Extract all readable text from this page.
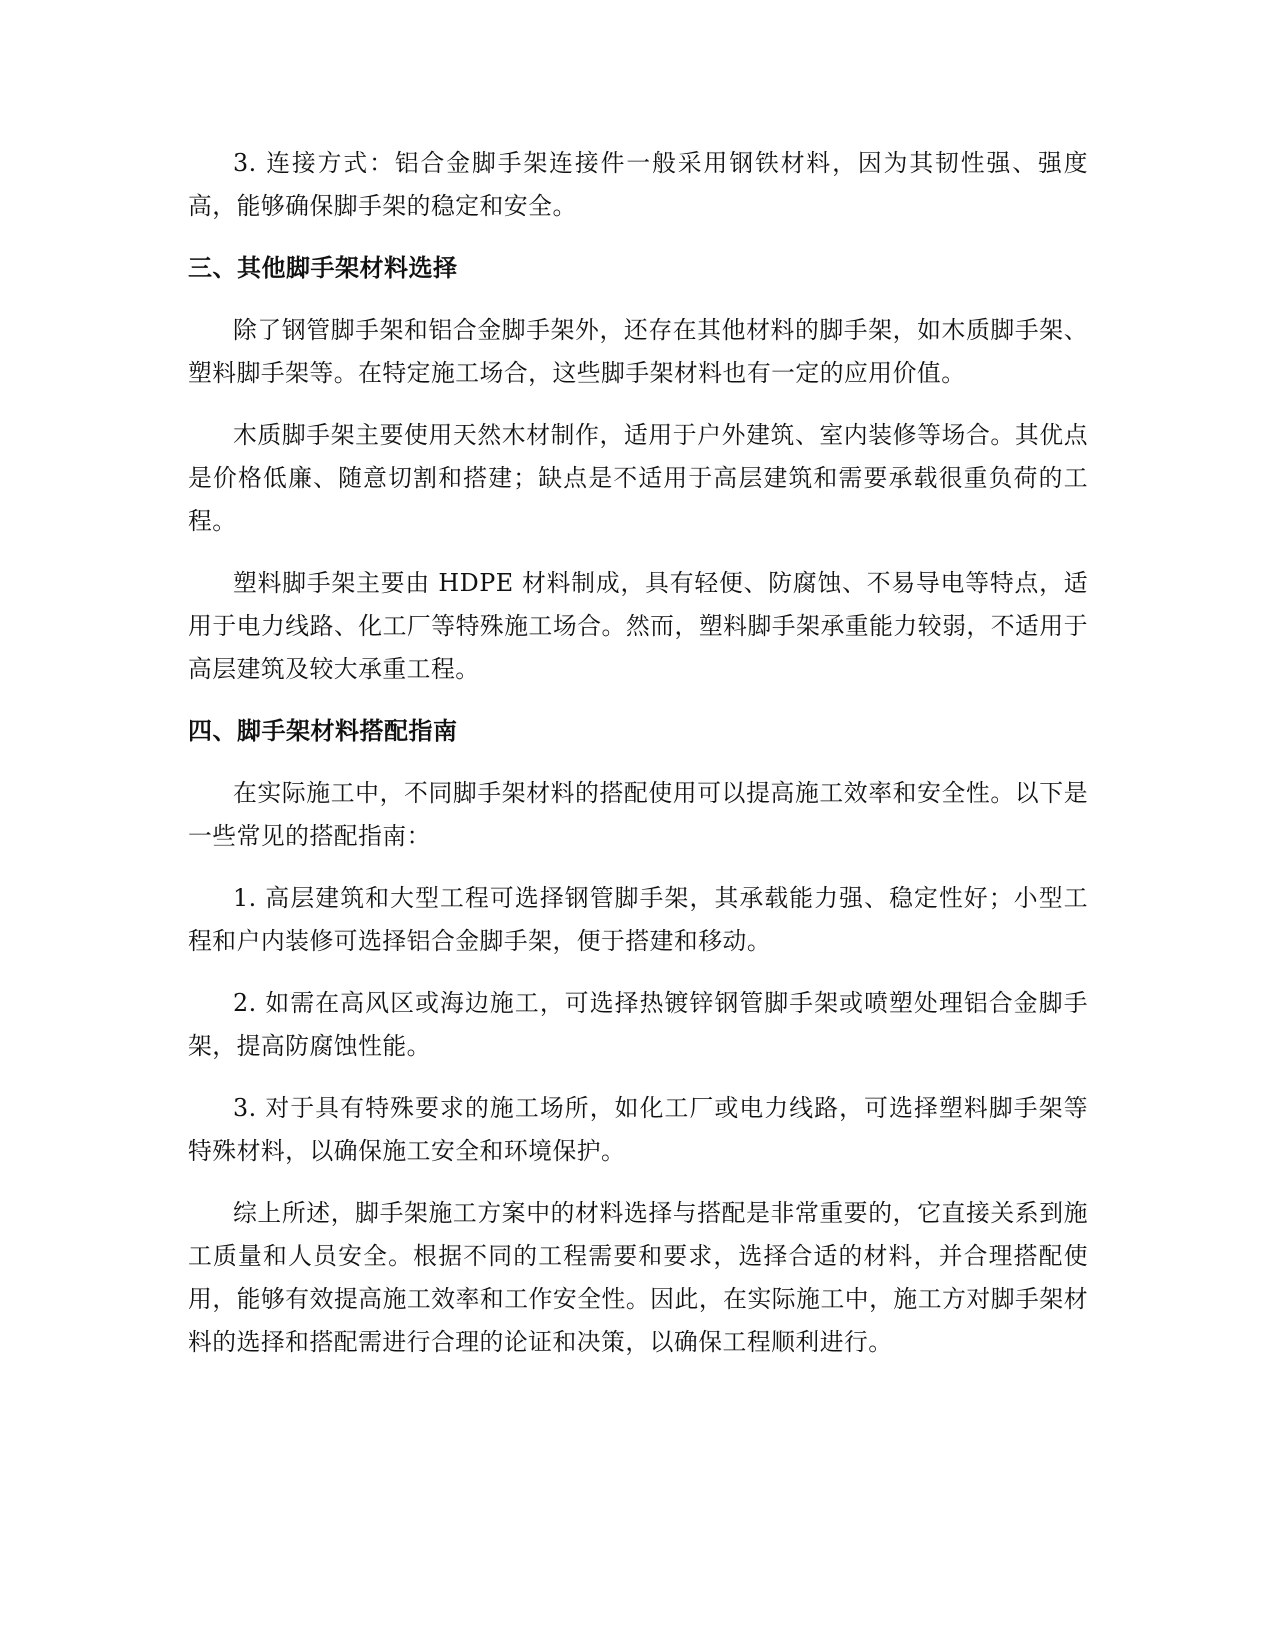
3. 连接方式：铝合金脚手架连接件一般采用钢铁材料，因为其韧性强、强度高，能够确保脚手架的稳定和安全。

三、其他脚手架材料选择

除了钢管脚手架和铝合金脚手架外，还存在其他材料的脚手架，如木质脚手架、塑料脚手架等。在特定施工场合，这些脚手架材料也有一定的应用价值。

木质脚手架主要使用天然木材制作，适用于户外建筑、室内装修等场合。其优点是价格低廉、随意切割和搭建；缺点是不适用于高层建筑和需要承载很重负荷的工程。

塑料脚手架主要由 HDPE 材料制成，具有轻便、防腐蚀、不易导电等特点，适用于电力线路、化工厂等特殊施工场合。然而，塑料脚手架承重能力较弱，不适用于高层建筑及较大承重工程。

四、脚手架材料搭配指南

在实际施工中，不同脚手架材料的搭配使用可以提高施工效率和安全性。以下是一些常见的搭配指南：

1. 高层建筑和大型工程可选择钢管脚手架，其承载能力强、稳定性好；小型工程和户内装修可选择铝合金脚手架，便于搭建和移动。

2. 如需在高风区或海边施工，可选择热镀锌钢管脚手架或喷塑处理铝合金脚手架，提高防腐蚀性能。

3. 对于具有特殊要求的施工场所，如化工厂或电力线路，可选择塑料脚手架等特殊材料，以确保施工安全和环境保护。

综上所述，脚手架施工方案中的材料选择与搭配是非常重要的，它直接关系到施工质量和人员安全。根据不同的工程需要和要求，选择合适的材料，并合理搭配使用，能够有效提高施工效率和工作安全性。因此，在实际施工中，施工方对脚手架材料的选择和搭配需进行合理的论证和决策，以确保工程顺利进行。
